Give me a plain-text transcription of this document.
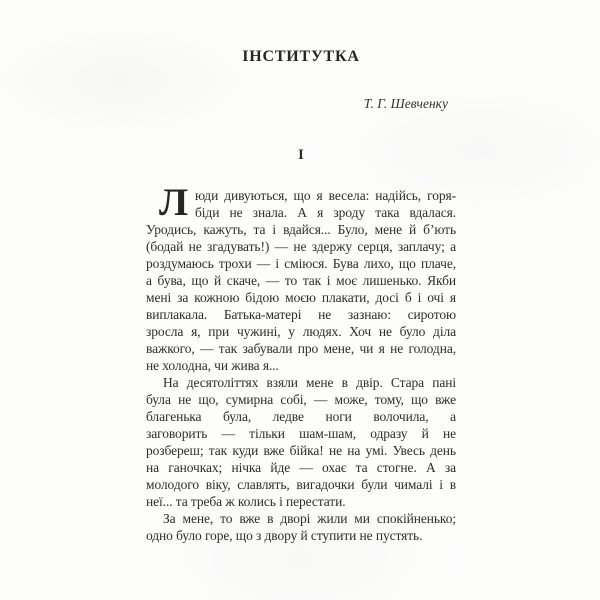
ІНСТИТУТКА
Т. Г. Шевченку
І
Л юди дивуються, що я весела: надійсь, горя-
біди не знала. А я зроду така вдалася.
Уродись, кажуть, та і вдайся... Було, мене й б’ють
(бодай не згадувать!) — не здержу серця, заплачу; а
роздумаюсь трохи — і сміюся. Бува лихо, що плаче,
а бува, що й скаче, — то так і моє лишенько. Якби
мені за кожною бідою моєю плакати, досі б і очі я
виплакала. Батька-матері не зазнаю: сиротою
зросла я, при чужині, у людях. Хоч не було діла
важкого, — так забували про мене, чи я не голодна,
не холодна, чи жива я...
На десятоліттях взяли мене в двір. Стара пані
була не що, сумирна собі, — може, тому, що вже
благенька була, ледве ноги волочила, а
заговорить — тільки шам-шам, одразу й не
розбереш; так куди вже бійка! не на умі. Увесь день
на ганочках; нічка йде — охає та стогне. А за
молодого віку, славлять, вигадочки були чималі і в
неї... та треба ж колись і перестати.
За мене, то вже в дворі жили ми спокійненько;
одно було горе, що з двору й ступити не пустять.
